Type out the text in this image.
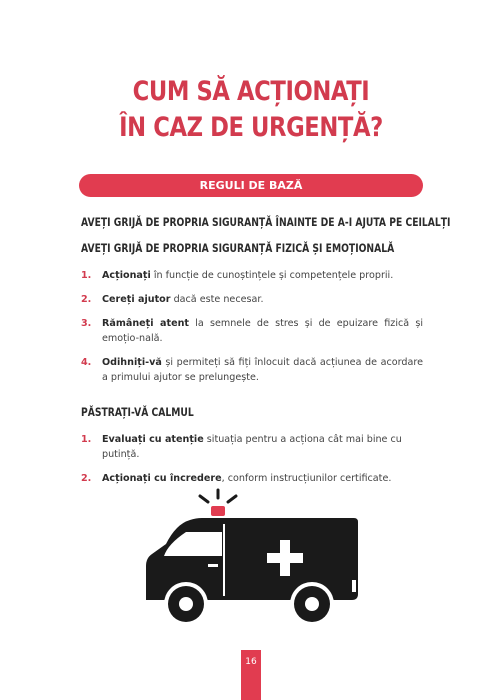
CUM SĂ ACȚIONAȚI
ÎN CAZ DE URGENȚĂ?
REGULI DE BAZĂ
AVEȚI GRIJĂ DE PROPRIA SIGURANȚĂ ÎNAINTE DE A-I AJUTA PE CEILALȚI
AVEȚI GRIJĂ DE PROPRIA SIGURANȚĂ FIZICĂ ȘI EMOȚIONALĂ
1. Acționați în funcție de cunoștințele și competențele proprii.
2. Cereți ajutor dacă este necesar.
3. Rămâneți atent la semnele de stres și de epuizare fizică și emoțio-nală.
4. Odihniți-vă și permiteți să fiți înlocuit dacă acțiunea de acordare a primului ajutor se prelungește.
PĂSTRAȚI-VĂ CALMUL
1. Evaluați cu atenție situația pentru a acționa cât mai bine cu putință.
2. Acționați cu încredere, conform instrucțiunilor certificate.
16
